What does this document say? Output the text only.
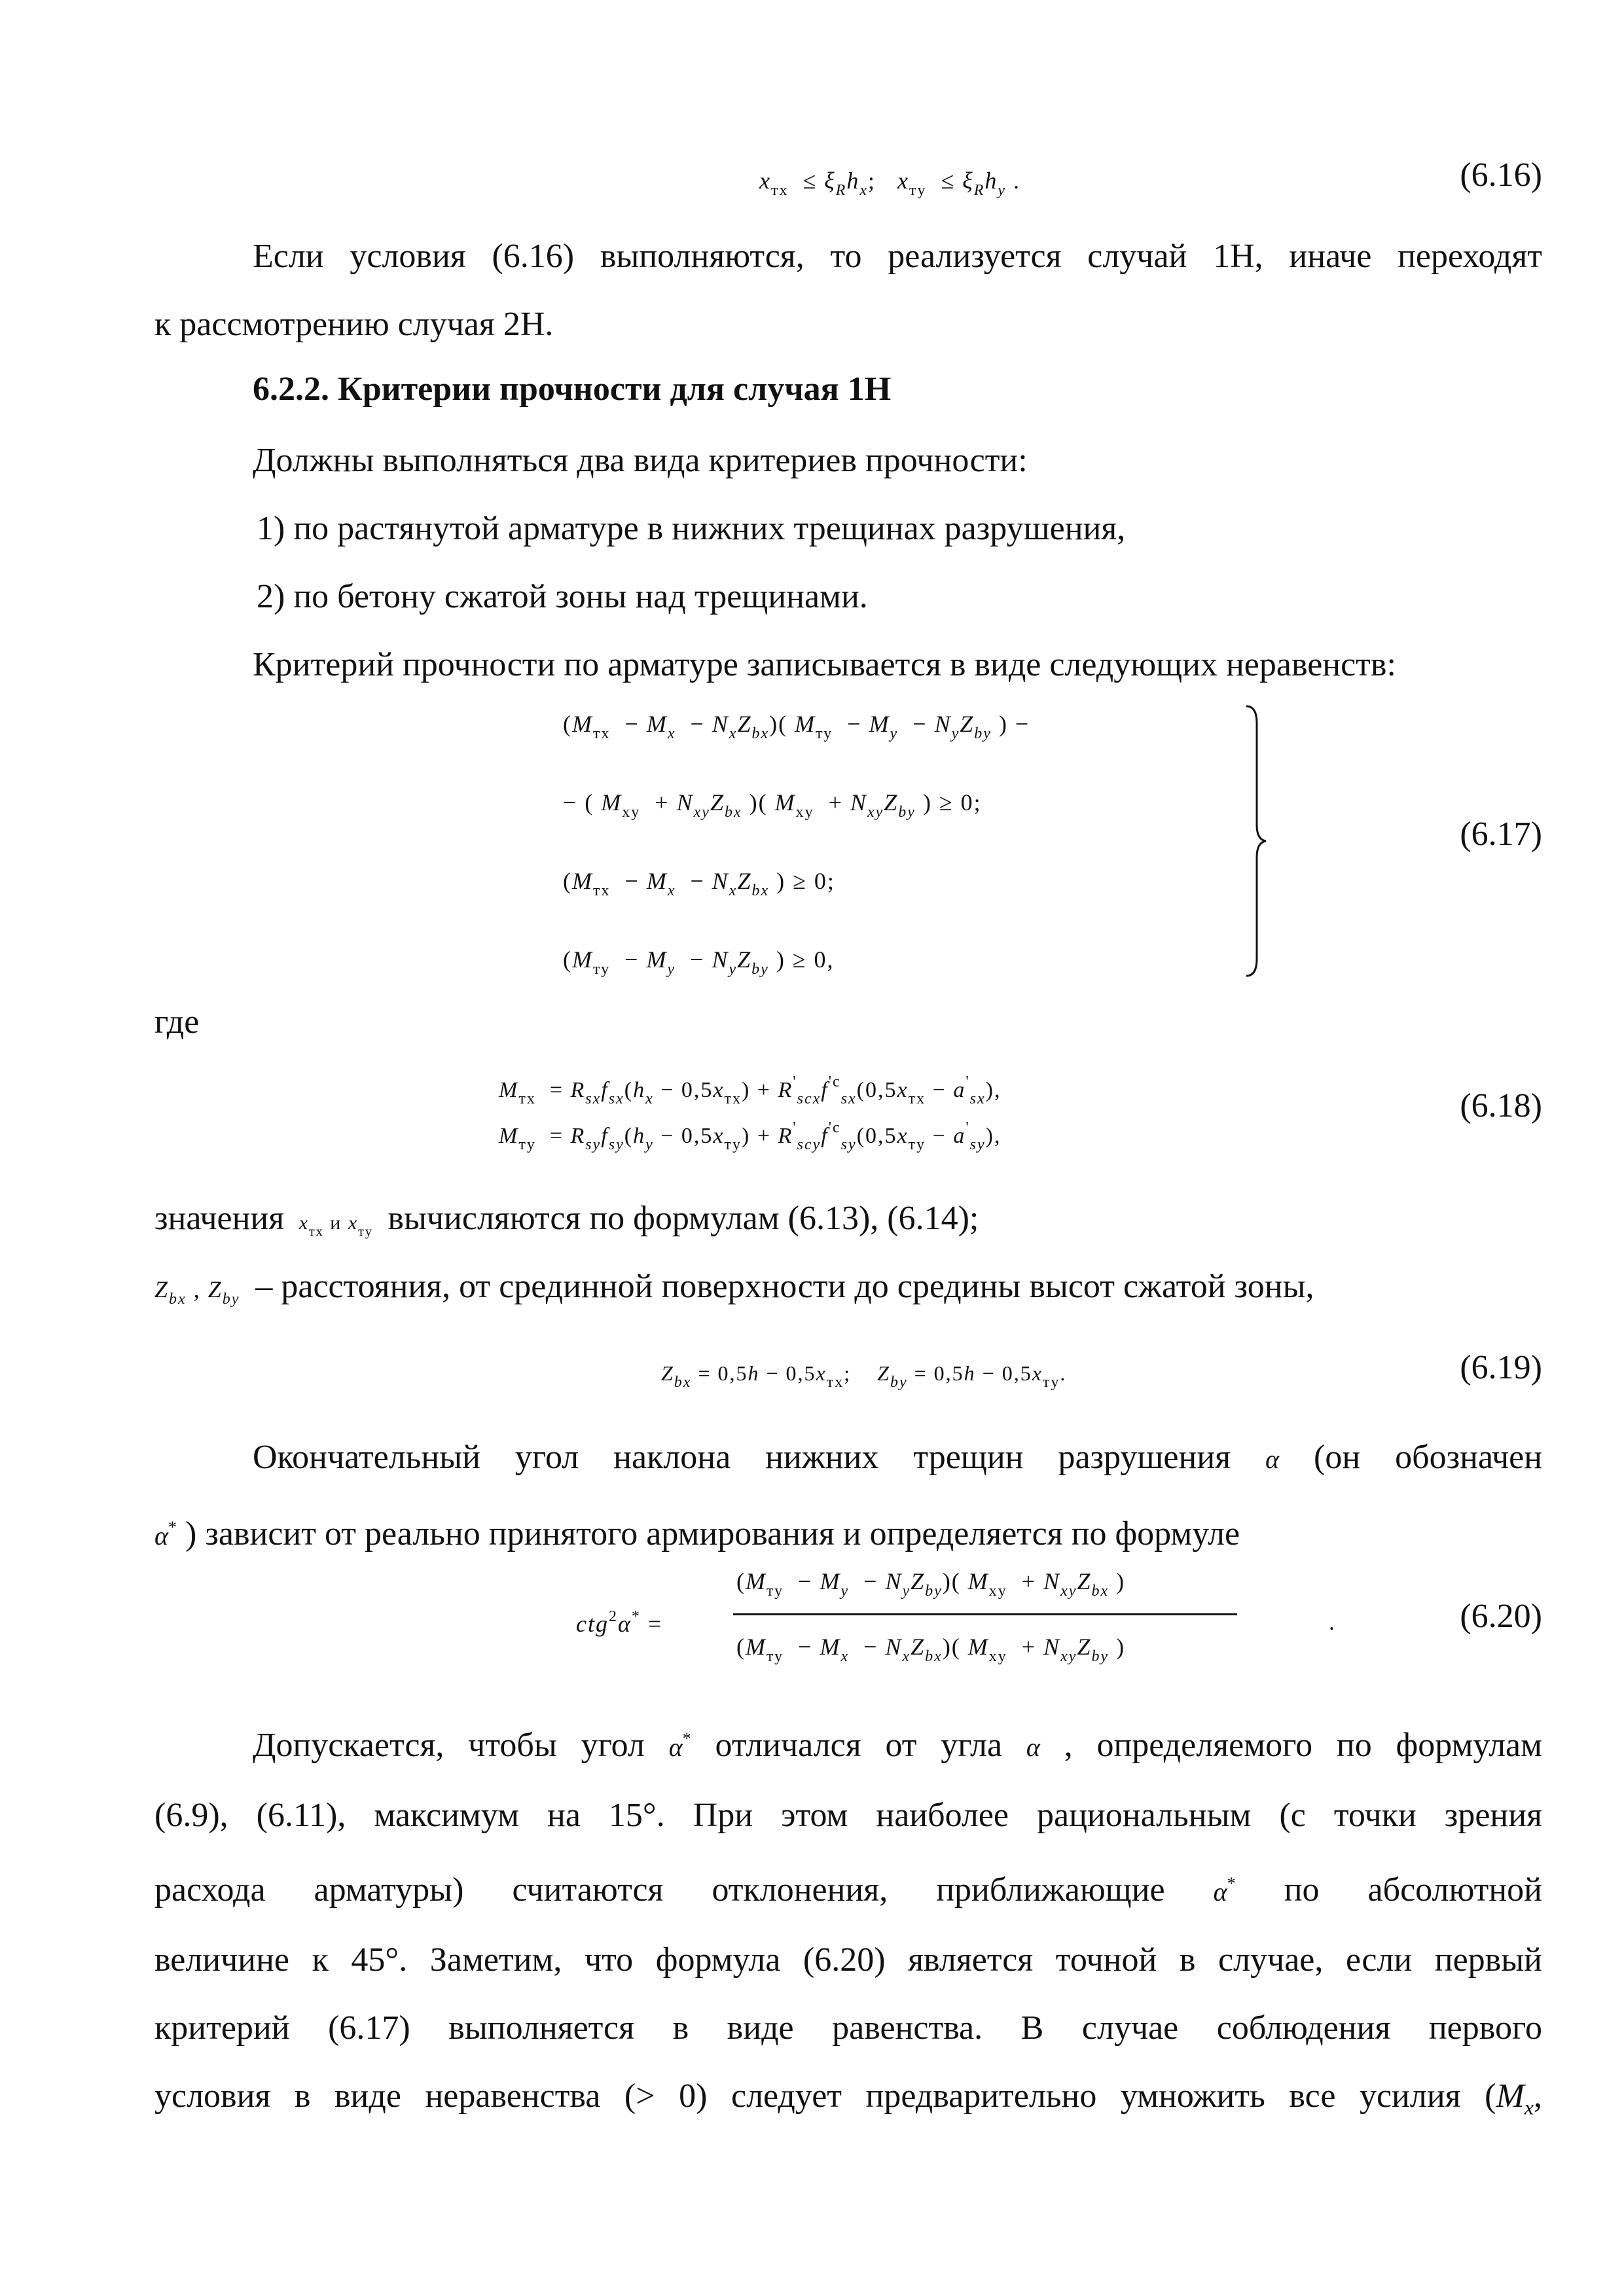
$x_{тx} \le \xi_Rh_x$;   $x_{тy} \le \xi_Rh_y$ .	(6.16)
Если условия (6.16) выполняются, то реализуется случай 1Н, иначе переходят
к рассмотрению случая 2Н.
6.2.2. Критерии прочности для случая 1Н
Должны выполняться два вида критериев прочности:
1) по растянутой арматуре в нижних трещинах разрушения,
2) по бетону сжатой зоны над трещинами.
Критерий прочности по арматуре записывается в виде следующих неравенств:
$(M_{тх} - M_x - N_xZ_{bx})$( $M_{ту} - M_y - N_yZ_{by}$ ) −
− ( $M_{xy} + N_{xy}Z_{bx}$ )( $M_{xy} + N_{xy}Z_{by}$ ) ≥ 0;
($M_{тх} - M_x - N_xZ_{bx}$ ) ≥ 0;
($M_{ту} - M_y - N_yZ_{by}$ ) ≥ 0,
(6.17)
где
$M_{тx} = R_{sx}f_{sx}(h_x - 0,5x_{тх}) + R'_{scx}f^{'c}_{sx}(0,5x_{тх} - a'_{sx})$,
$M_{тy} = R_{sy}f_{sy}(h_y - 0,5x_{тy}) + R'_{scy}f^{'c}_{sy}(0,5x_{тy} - a'_{sy})$,
(6.18)
значения $x_{тх}$ и $x_{тy}$ вычисляются по формулам (6.13), (6.14);
$Z_{bx}$ , $Z_{by}$ – расстояния, от срединной поверхности до средины высот сжатой зоны,
$Z_{bx} = 0,5h - 0,5x_{тx}$;    $Z_{by} = 0,5h - 0,5x_{тy}$.	(6.19)
Окончательный угол наклона нижних трещин разрушения α (он обозначен
α* ) зависит от реально принятого армирования и определяется по формуле
ctg$^2$α* =
$(M_{ту} - M_y - N_yZ_{by})$( $M_{xy} + N_{xy}Z_{bx}$ )
$(M_{ту} - M_x - N_xZ_{bx})$( $M_{xy} + N_{xy}Z_{by}$ )
.	(6.20)
Допускается, чтобы угол α* отличался от угла α , определяемого по формулам
(6.9), (6.11), максимум на 15°. При этом наиболее рациональным (с точки зрения
расхода арматуры) считаются отклонения, приближающие α* по абсолютной
величине к 45°. Заметим, что формула (6.20) является точной в случае, если первый
критерий (6.17) выполняется в виде равенства. В случае соблюдения первого
условия в виде неравенства (> 0) следует предварительно умножить все усилия ($M_x$,
